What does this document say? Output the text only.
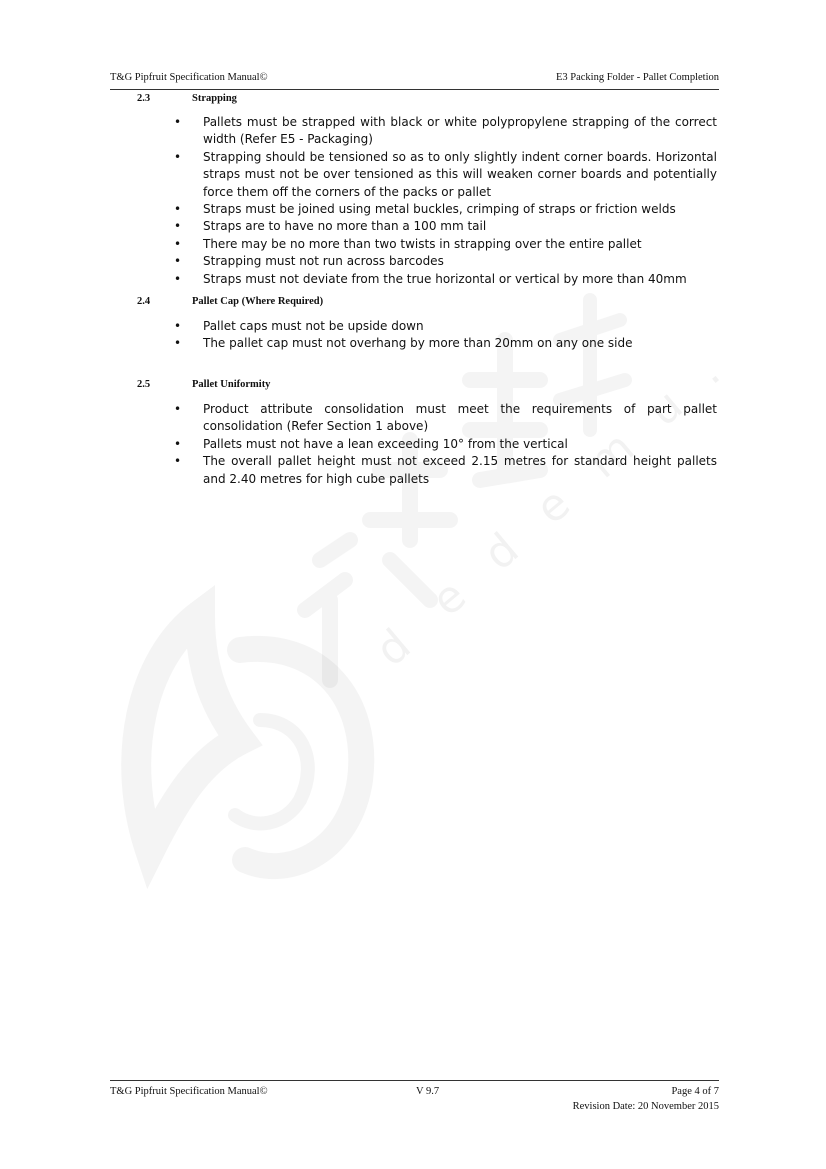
d
e
d
e
m
u
.
T&G Pipfruit Specification Manual©	E3 Packing Folder - Pallet Completion
2.3	Strapping
• Pallets must be strapped with black or white polypropylene strapping of the correct width (Refer E5 - Packaging)
• Strapping should be tensioned so as to only slightly indent corner boards. Horizontal straps must not be over tensioned as this will weaken corner boards and potentially force them off the corners of the packs or pallet
• Straps must be joined using metal buckles, crimping of straps or friction welds
• Straps are to have no more than a 100 mm tail
• There may be no more than two twists in strapping over the entire pallet
• Strapping must not run across barcodes
• Straps must not deviate from the true horizontal or vertical by more than 40mm
2.4	Pallet Cap (Where Required)
• Pallet caps must not be upside down
• The pallet cap must not overhang by more than 20mm on any one side
2.5	Pallet Uniformity
• Product attribute consolidation must meet the requirements of part pallet consolidation (Refer Section 1 above)
• Pallets must not have a lean exceeding 10° from the vertical
• The overall pallet height must not exceed 2.15 metres for standard height pallets and 2.40 metres for high cube pallets
T&G Pipfruit Specification Manual©	V 9.7	Page 4 of 7
Revision Date: 20 November 2015
